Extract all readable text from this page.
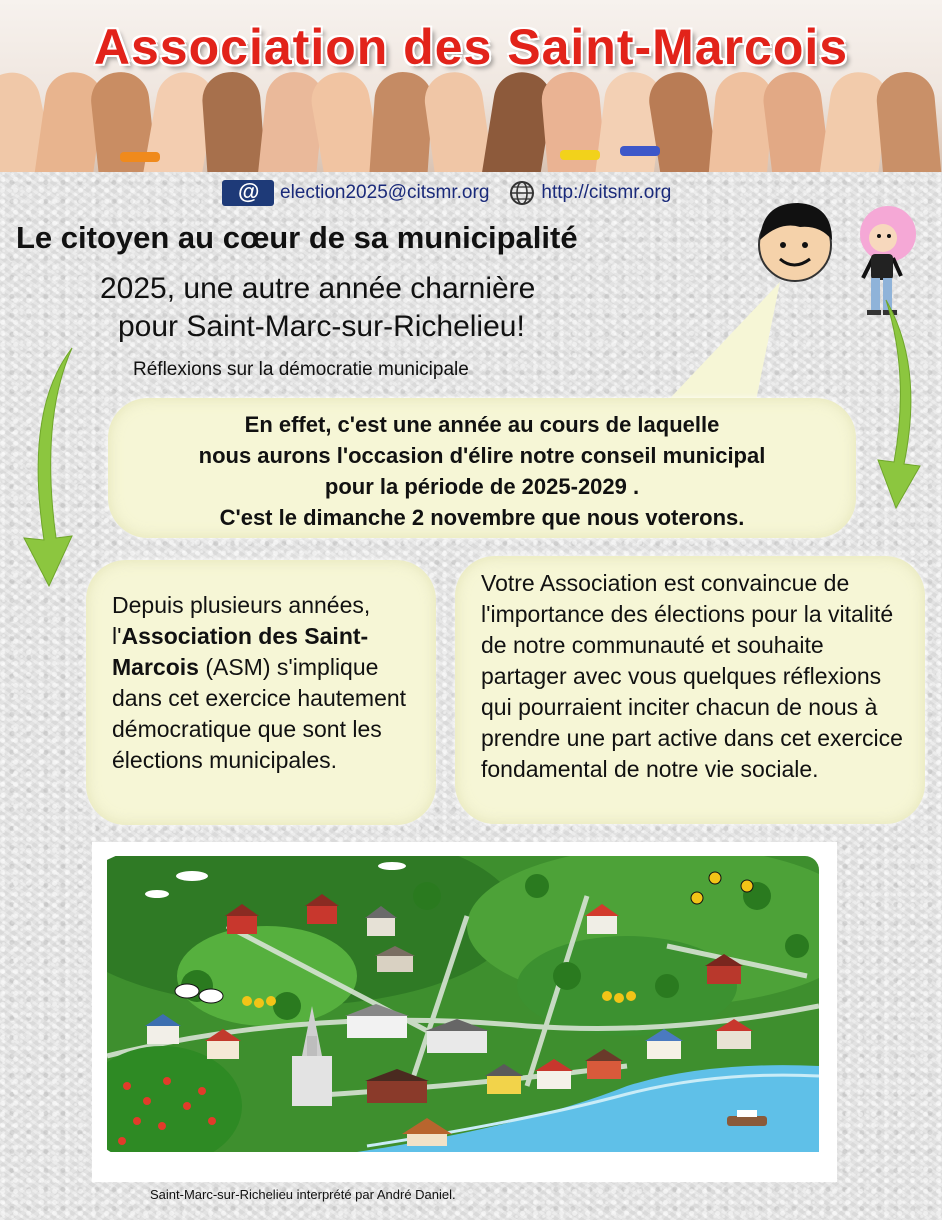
Association des Saint-Marcois
@
election2025@citsmr.org	http://citsmr.org
Le citoyen au cœur de sa municipalité
2025, une autre année charnière
pour Saint-Marc-sur-Richelieu!
Réflexions sur la démocratie municipale
En effet, c'est une année au cours de laquelle
nous aurons l'occasion d'élire notre conseil municipal
pour la période de 2025-2029 .
C'est le dimanche 2 novembre que nous voterons.
Depuis plusieurs années, l'Association des Saint-Marcois (ASM) s'implique dans cet exercice hautement démocratique que sont les élections municipales.
Votre Association est convaincue de l'importance des élections pour la vitalité de notre communauté et souhaite partager avec vous quelques réflexions qui pourraient inciter chacun de nous à prendre une part active dans cet exercice fondamental de notre vie sociale.
Saint-Marc-sur-Richelieu interprété par André Daniel.
